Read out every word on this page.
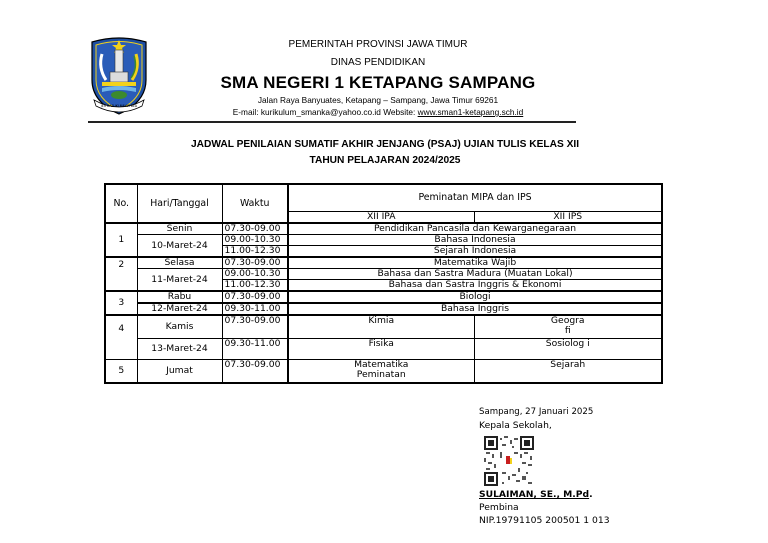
JER BASUKI MAWA BEA
PEMERINTAH PROVINSI JAWA TIMUR
DINAS PENDIDIKAN
SMA NEGERI 1 KETAPANG SAMPANG
Jalan Raya Banyuates, Ketapang – Sampang, Jawa Timur 69261
E-mail: kurikulum_smanka@yahoo.co.id Website: www.sman1-ketapang.sch.id
JADWAL PENILAIAN SUMATIF AKHIR JENJANG (PSAJ) UJIAN TULIS KELAS XII
TAHUN PELAJARAN 2024/2025
No.	Hari/Tanggal	Waktu	Peminatan MIPA dan IPS	
			XII IPA	XII IPS
1	Senin	07.30-09.00	Pendidikan Pancasila dan Kewarganegaraan	
	10-Maret-24	09.00-10.30	Bahasa Indonesia	
		11.00-12.30	Sejarah Indonesia	
2	Selasa	07.30-09.00	Matematika Wajib	
	11-Maret-24	09.00-10.30	Bahasa dan Sastra Madura (Muatan Lokal)	
		11.00-12.30	Bahasa dan Sastra Inggris & Ekonomi	
3	Rabu	07.30-09.00	Biologi	
	12-Maret-24	09.30-11.00	Bahasa Inggris	
4	Kamis	07.30-09.00	Kimia	Geogra fi
	13-Maret-24	09.30-11.00	Fisika	Sosiolog i
5	Jumat	07.30-09.00	Matematika Peminatan	Sejarah
Sampang, 27 Januari 2025
Kepala Sekolah,
SULAIMAN, SE., M.Pd.
Pembina
NIP.19791105 200501 1 013
